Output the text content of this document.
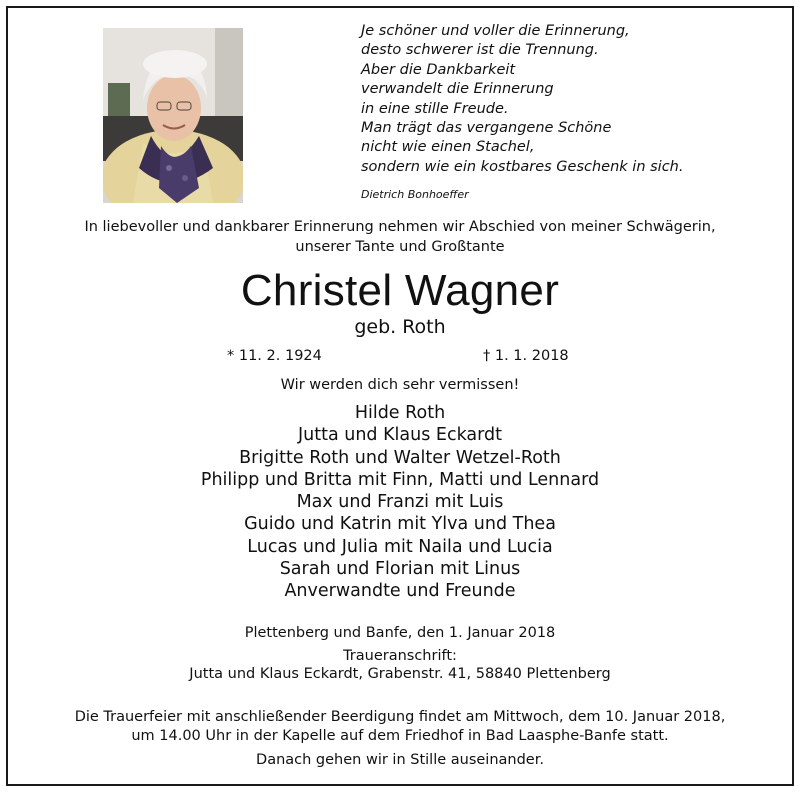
Je schöner und voller die Erinnerung,
desto schwerer ist die Trennung.
Aber die Dankbarkeit
verwandelt die Erinnerung
in eine stille Freude.
Man trägt das vergangene Schöne
nicht wie einen Stachel,
sondern wie ein kostbares Geschenk in sich.
Dietrich Bonhoeffer
In liebevoller und dankbarer Erinnerung nehmen wir Abschied von meiner Schwägerin,
unserer Tante und Großtante
Christel Wagner
geb. Roth
* 11. 2. 1924	† 1. 1. 2018
Wir werden dich sehr vermissen!
Hilde Roth
Jutta und Klaus Eckardt
Brigitte Roth und Walter Wetzel-Roth
Philipp und Britta mit Finn, Matti und Lennard
Max und Franzi mit Luis
Guido und Katrin mit Ylva und Thea
Lucas und Julia mit Naila und Lucia
Sarah und Florian mit Linus
Anverwandte und Freunde
Plettenberg und Banfe, den 1. Januar 2018
Traueranschrift:
Jutta und Klaus Eckardt, Grabenstr. 41, 58840 Plettenberg
Die Trauerfeier mit anschließender Beerdigung findet am Mittwoch, dem 10. Januar 2018,
um 14.00 Uhr in der Kapelle auf dem Friedhof in Bad Laasphe-Banfe statt.
Danach gehen wir in Stille auseinander.
